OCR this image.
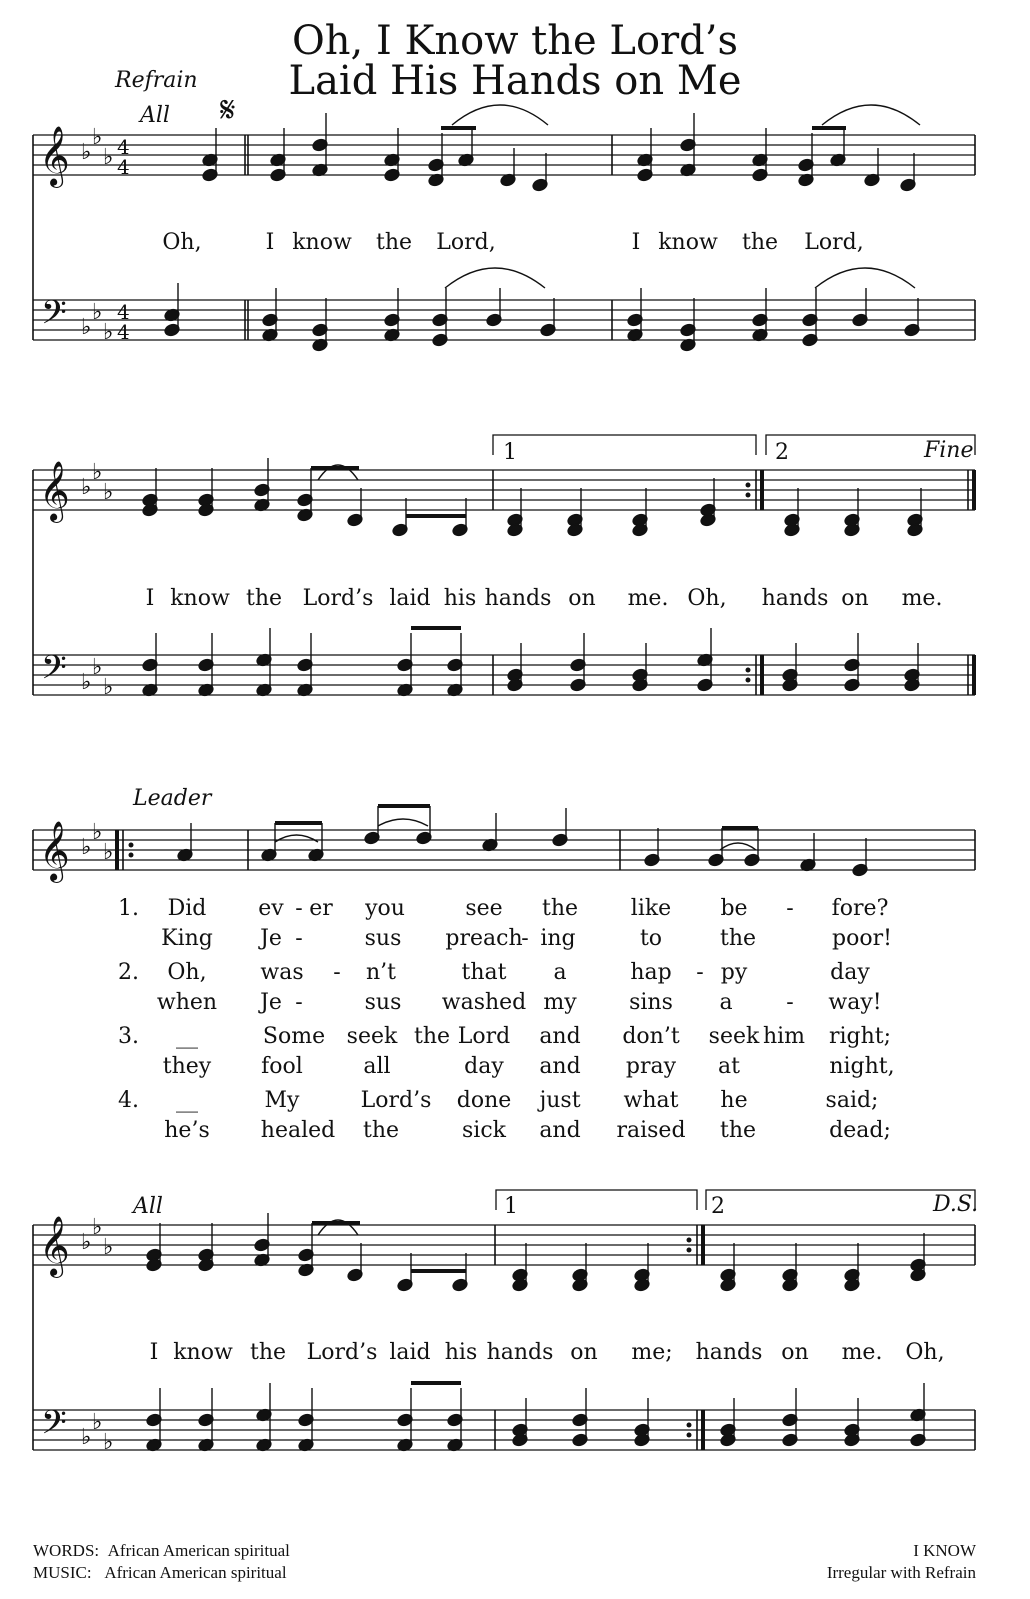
Oh, I Know the Lord’s
Laid His Hands on Me
Refrain
All 𝄋
Fine
Leader
All	D.S.
1	2
1	2
𝄞
𝄢
♭
♭
♭
♭
♭
♭
4
4
4
4
𝄞
𝄢
♭
♭
♭
♭
♭
♭
𝄞 ♭
♭
♭
𝄞
𝄢
♭
♭
♭
♭
♭
♭
Oh,	I know the Lord,	I know the Lord,
I know the Lord’s laid his hands on me. Oh, hands on me.
1.
2.
3.
4.
Did ev - er you	see the like be - fore?
King Je -	sus preach
- ing	to	the	poor!
Oh, was - n’t	that a	hap - py	day
when Je -	sus washed my sins a - way!
__	Some seek the Lord and don’t seek him right;
they fool	all	day and pray at	night,
__	My	Lord’s done just what he	said;
he’s healed the	sick and raised the	dead;
I know the Lord’s laid his hands on me; hands on me. Oh,
WORDS: African American spiritual
MUSIC: African American spiritual
I KNOW
Irregular with Refrain
